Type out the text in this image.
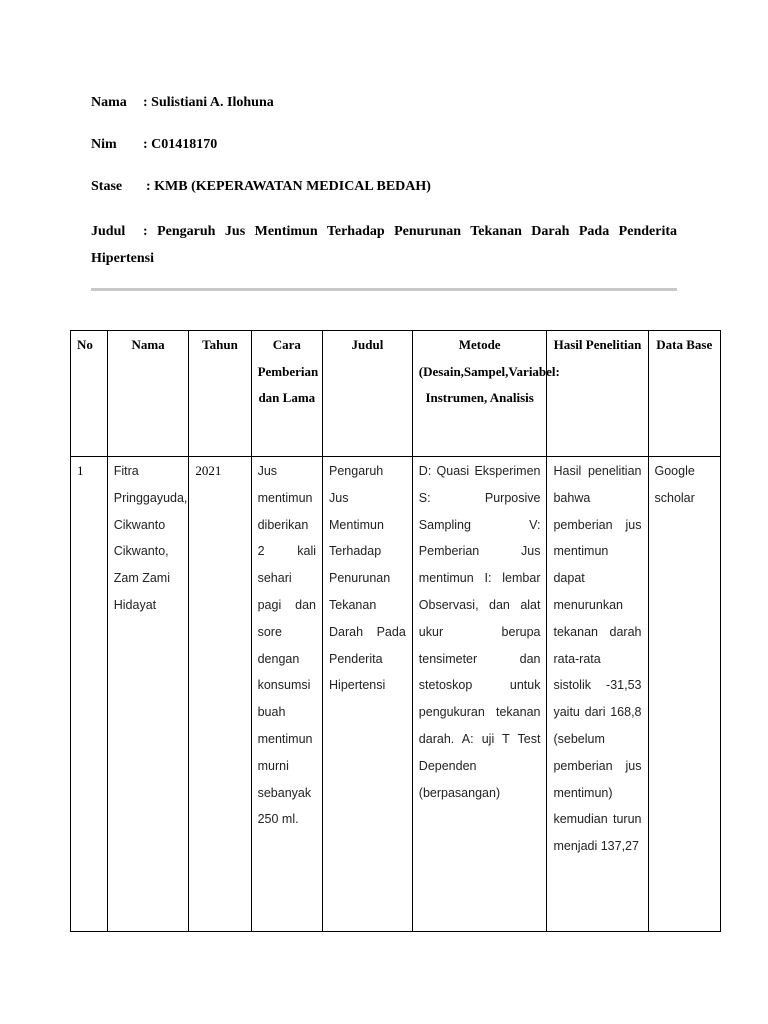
Nama : Sulistiani A. Ilohuna
Nim : C01418170
Stase : KMB (KEPERAWATAN MEDICAL BEDAH)
Judul : Pengaruh Jus Mentimun Terhadap Penurunan Tekanan Darah Pada Penderita Hipertensi
No	Nama	Tahun	Cara Pemberian dan Lama	Judul	Metode (Desain,Sampel,Variabel: Instrumen, Analisis	Hasil Penelitian	Data Base
1	Fitra Pringgayuda, Cikwanto Cikwanto, Zam Zami Hidayat	2021	Jus mentimun diberikan 2 kali sehari pagi dan sore dengan konsumsi buah mentimun murni sebanyak 250 ml.	Pengaruh Jus Mentimun Terhadap Penurunan Tekanan Darah Pada Penderita Hipertensi	D: Quasi Eksperimen S: Purposive Sampling V: Pemberian Jus mentimun I: lembar Observasi, dan alat ukur berupa tensimeter dan stetoskop untuk pengukuran tekanan darah. A: uji T Test Dependen (berpasangan)	Hasil penelitian bahwa pemberian jus mentimun dapat menurunkan tekanan darah rata-rata sistolik -31,53 yaitu dari 168,8 (sebelum pemberian jus mentimun) kemudian turun menjadi 137,27	Google scholar
